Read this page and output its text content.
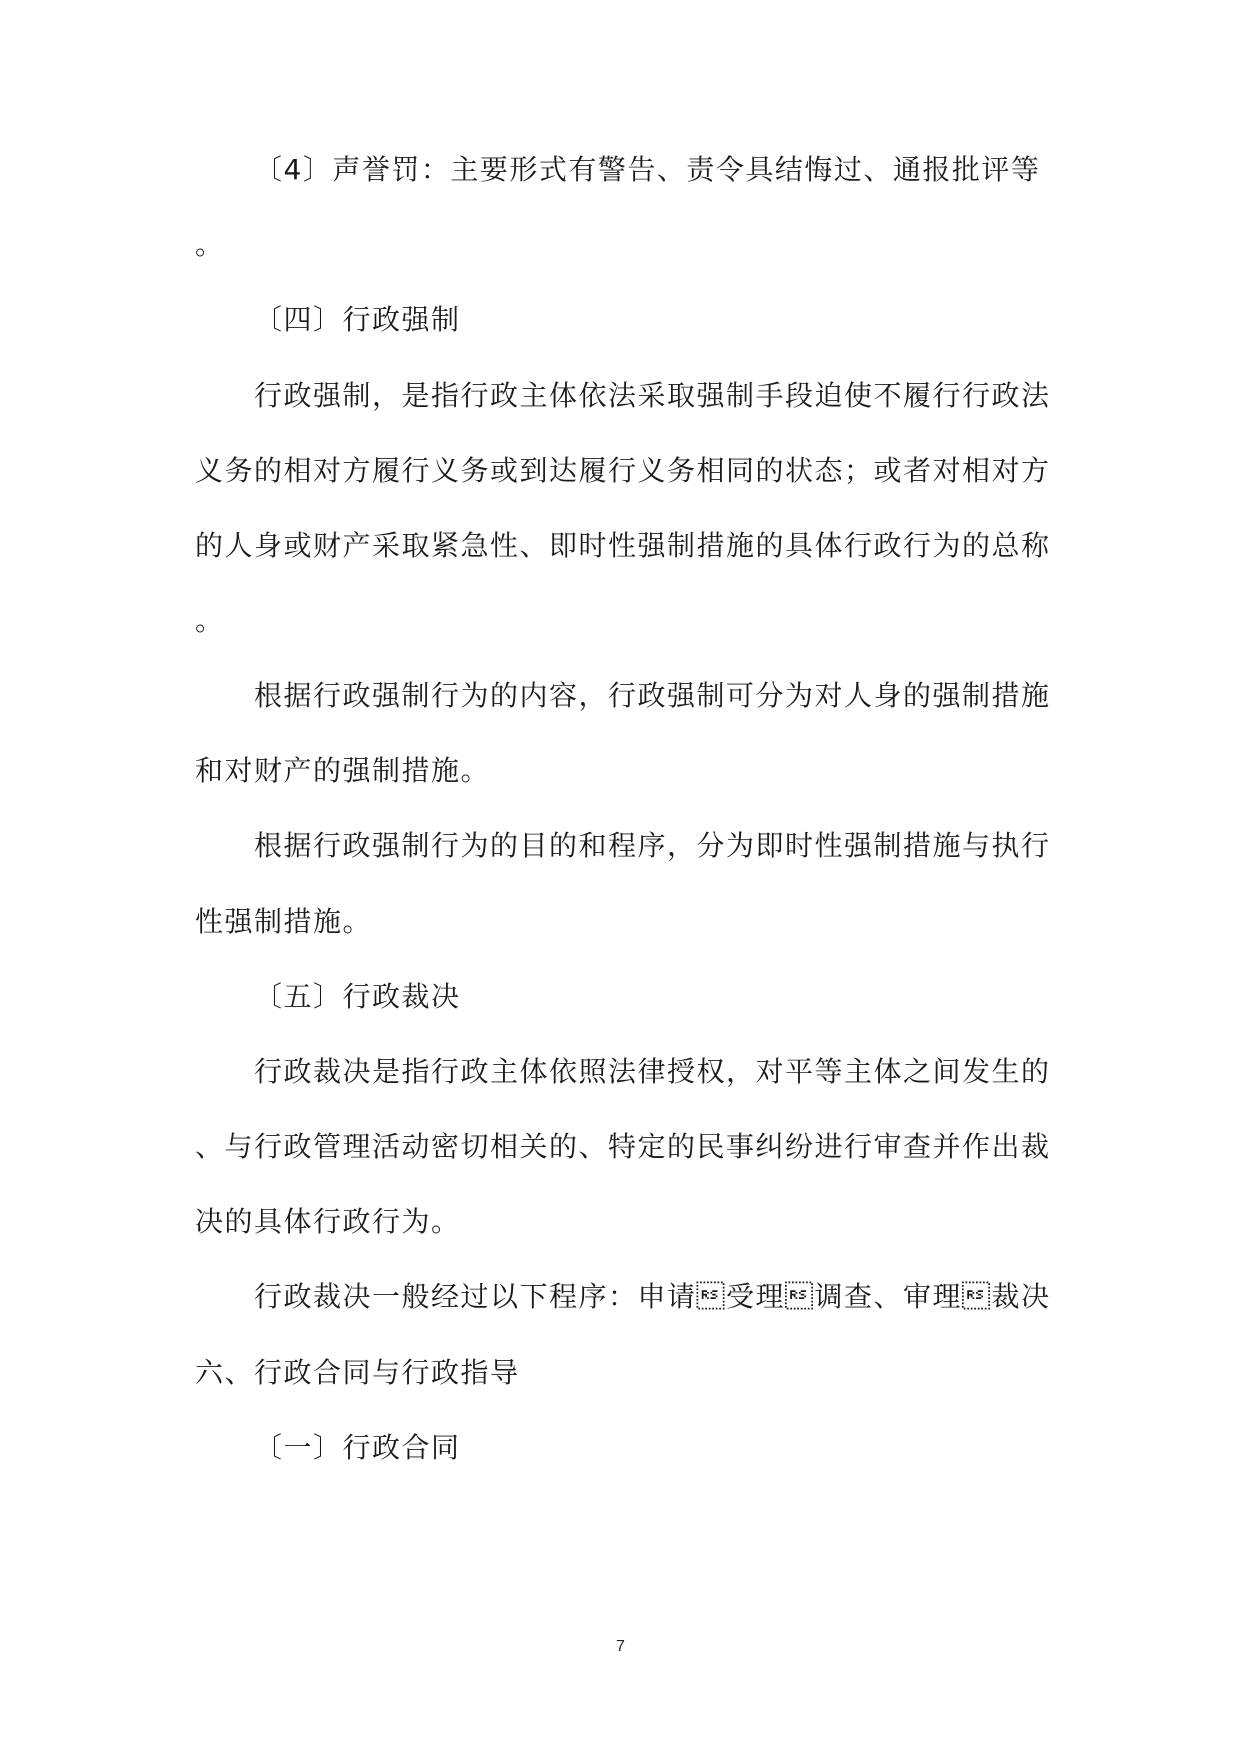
〔4〕声誉罚：主要形式有警告、责令具结悔过、通报批评等

。

〔四〕行政强制

行政强制，是指行政主体依法采取强制手段迫使不履行行政法

义务的相对方履行义务或到达履行义务相同的状态；或者对相对方

的人身或财产采取紧急性、即时性强制措施的具体行政行为的总称

。

根据行政强制行为的内容，行政强制可分为对人身的强制措施

和对财产的强制措施。

根据行政强制行为的目的和程序，分为即时性强制措施与执行

性强制措施。

〔五〕行政裁决

行政裁决是指行政主体依照法律授权，对平等主体之间发生的

、与行政管理活动密切相关的、特定的民事纠纷进行审查并作出裁

决的具体行政行为。

行政裁决一般经过以下程序：申请受理调查、审理裁决

六、行政合同与行政指导

〔一〕行政合同

7
